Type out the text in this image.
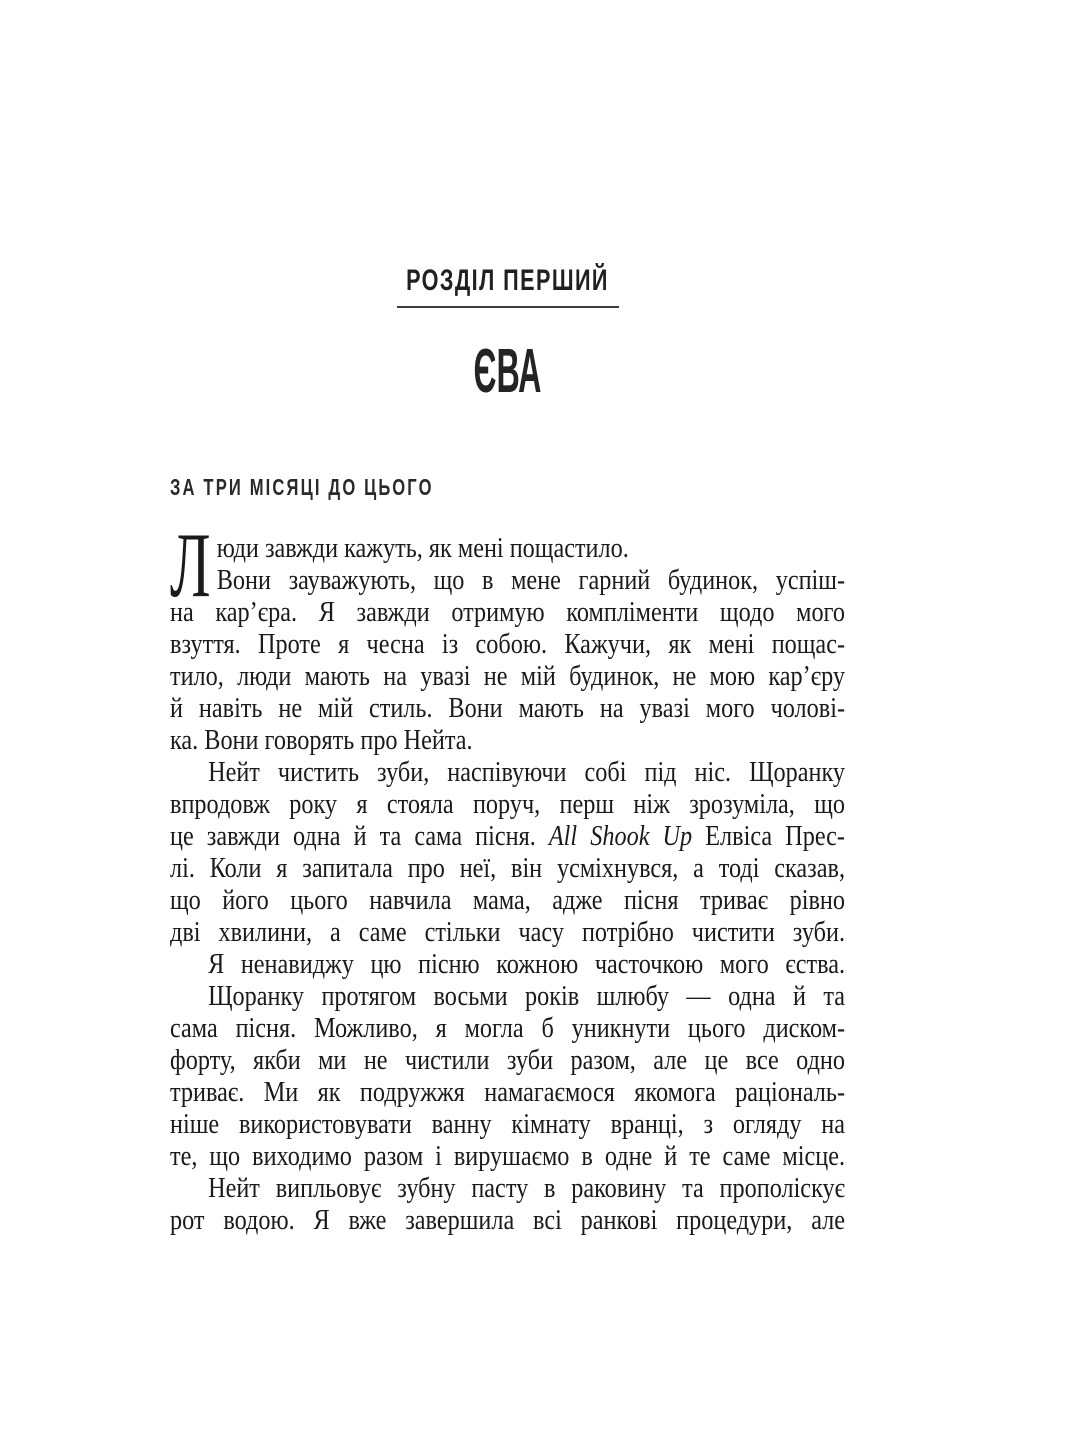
РОЗДІЛ ПЕРШИЙ
ЄВА
ЗА ТРИ МІСЯЦІ ДО ЦЬОГО
Л юди завжди кажуть, як мені пощастило.
Вони зауважують, що в мене гарний будинок, успіш-
на кар’єра. Я завжди отримую компліменти щодо мого
взуття. Проте я чесна із собою. Кажучи, як мені пощас-
тило, люди мають на увазі не мій будинок, не мою кар’єру
й навіть не мій стиль. Вони мають на увазі мого чолові-
ка. Вони говорять про Нейта.
Нейт чистить зуби, наспівуючи собі під ніс. Щоранку
впродовж року я стояла поруч, перш ніж зрозуміла, що
це завжди одна й та сама пісня. All Shook Up Елвіса Прес-
лі. Коли я запитала про неї, він усміхнувся, а тоді сказав,
що його цього навчила мама, адже пісня триває рівно
дві хвилини, а саме стільки часу потрібно чистити зуби.
Я ненавиджу цю пісню кожною часточкою мого єства.
Щоранку протягом восьми років шлюбу — одна й та
сама пісня. Можливо, я могла б уникнути цього диском-
форту, якби ми не чистили зуби разом, але це все одно
триває. Ми як подружжя намагаємося якомога раціональ-
ніше використовувати ванну кімнату вранці, з огляду на
те, що виходимо разом і вирушаємо в одне й те саме місце.
Нейт випльовує зубну пасту в раковину та прополіскує
рот водою. Я вже завершила всі ранкові процедури, але
